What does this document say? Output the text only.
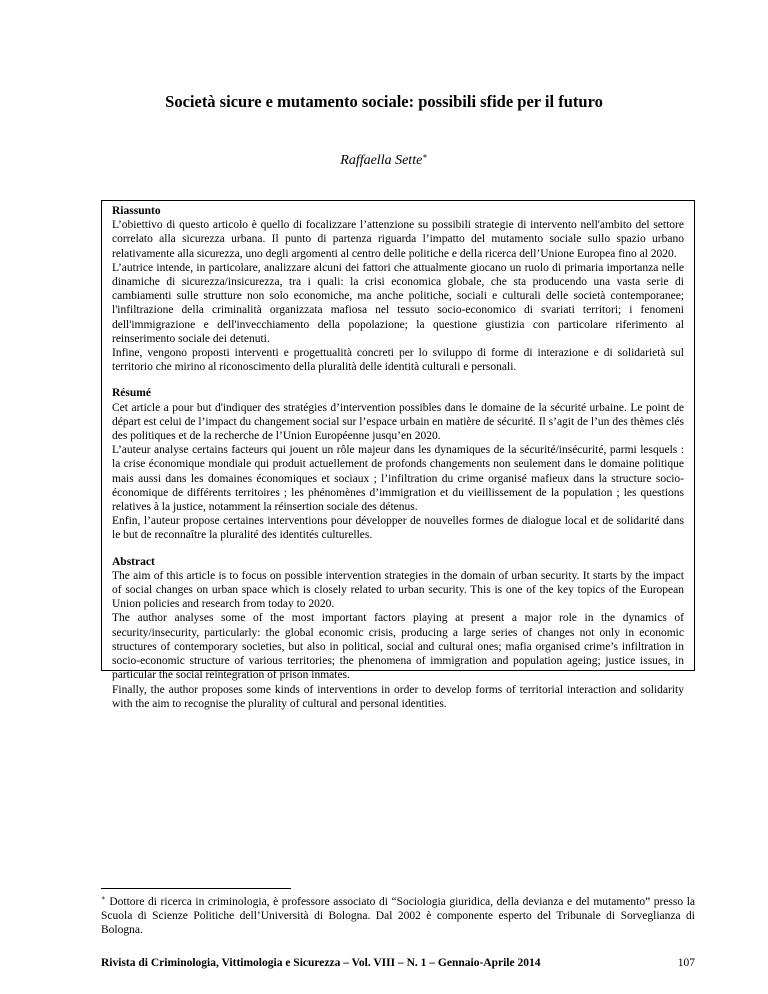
Società sicure e mutamento sociale: possibili sfide per il futuro
Raffaella Sette∗
Riassunto

L’obiettivo di questo articolo è quello di focalizzare l’attenzione su possibili strategie di intervento nell'ambito del settore correlato alla sicurezza urbana. Il punto di partenza riguarda l’impatto del mutamento sociale sullo spazio urbano relativamente alla sicurezza, uno degli argomenti al centro delle politiche e della ricerca dell’Unione Europea fino al 2020.

L’autrice intende, in particolare, analizzare alcuni dei fattori che attualmente giocano un ruolo di primaria importanza nelle dinamiche di sicurezza/insicurezza, tra i quali: la crisi economica globale, che sta producendo una vasta serie di cambiamenti sulle strutture non solo economiche, ma anche politiche, sociali e culturali delle società contemporanee; l'infiltrazione della criminalità organizzata mafiosa nel tessuto socio-economico di svariati territori; i fenomeni dell'immigrazione e dell'invecchiamento della popolazione; la questione giustizia con particolare riferimento al reinserimento sociale dei detenuti.

Infine, vengono proposti interventi e progettualità concreti per lo sviluppo di forme di interazione e di solidarietà sul territorio che mirino al riconoscimento della pluralità delle identità culturali e personali.

Résumé

Cet article a pour but d'indiquer des stratégies d’intervention possibles dans le domaine de la sécurité urbaine. Le point de départ est celui de l’impact du changement social sur l’espace urbain en matière de sécurité. Il s’agit de l’un des thèmes clés des politiques et de la recherche de l’Union Européenne jusqu’en 2020.

L’auteur analyse certains facteurs qui jouent un rôle majeur dans les dynamiques de la sécurité/insécurité, parmi lesquels : la crise économique mondiale qui produit actuellement de profonds changements non seulement dans le domaine politique mais aussi dans les domaines économiques et sociaux ; l’infiltration du crime organisé mafieux dans la structure socio-économique de différents territoires ; les phénomènes d’immigration et du vieillissement de la population ; les questions relatives à la justice, notamment la réinsertion sociale des détenus.

Enfin, l’auteur propose certaines interventions pour développer de nouvelles formes de dialogue local et de solidarité dans le but de reconnaître la pluralité des identités culturelles.

Abstract

The aim of this article is to focus on possible intervention strategies in the domain of urban security. It starts by the impact of social changes on urban space which is closely related to urban security. This is one of the key topics of the European Union policies and research from today to 2020.

The author analyses some of the most important factors playing at present a major role in the dynamics of security/insecurity, particularly: the global economic crisis, producing a large series of changes not only in economic structures of contemporary societies, but also in political, social and cultural ones; mafia organised crime’s infiltration in socio-economic structure of various territories; the phenomena of immigration and population ageing; justice issues, in particular the social reintegration of prison inmates.

Finally, the author proposes some kinds of interventions in order to develop forms of territorial interaction and solidarity with the aim to recognise the plurality of cultural and personal identities.

∗ Dottore di ricerca in criminologia, è professore associato di “Sociologia giuridica, della devianza e del mutamento” presso la Scuola di Scienze Politiche dell’Università di Bologna. Dal 2002 è componente esperto del Tribunale di Sorveglianza di Bologna.

Rivista di Criminologia, Vittimologia e Sicurezza – Vol. VIII – N. 1 – Gennaio-Aprile 2014	107
